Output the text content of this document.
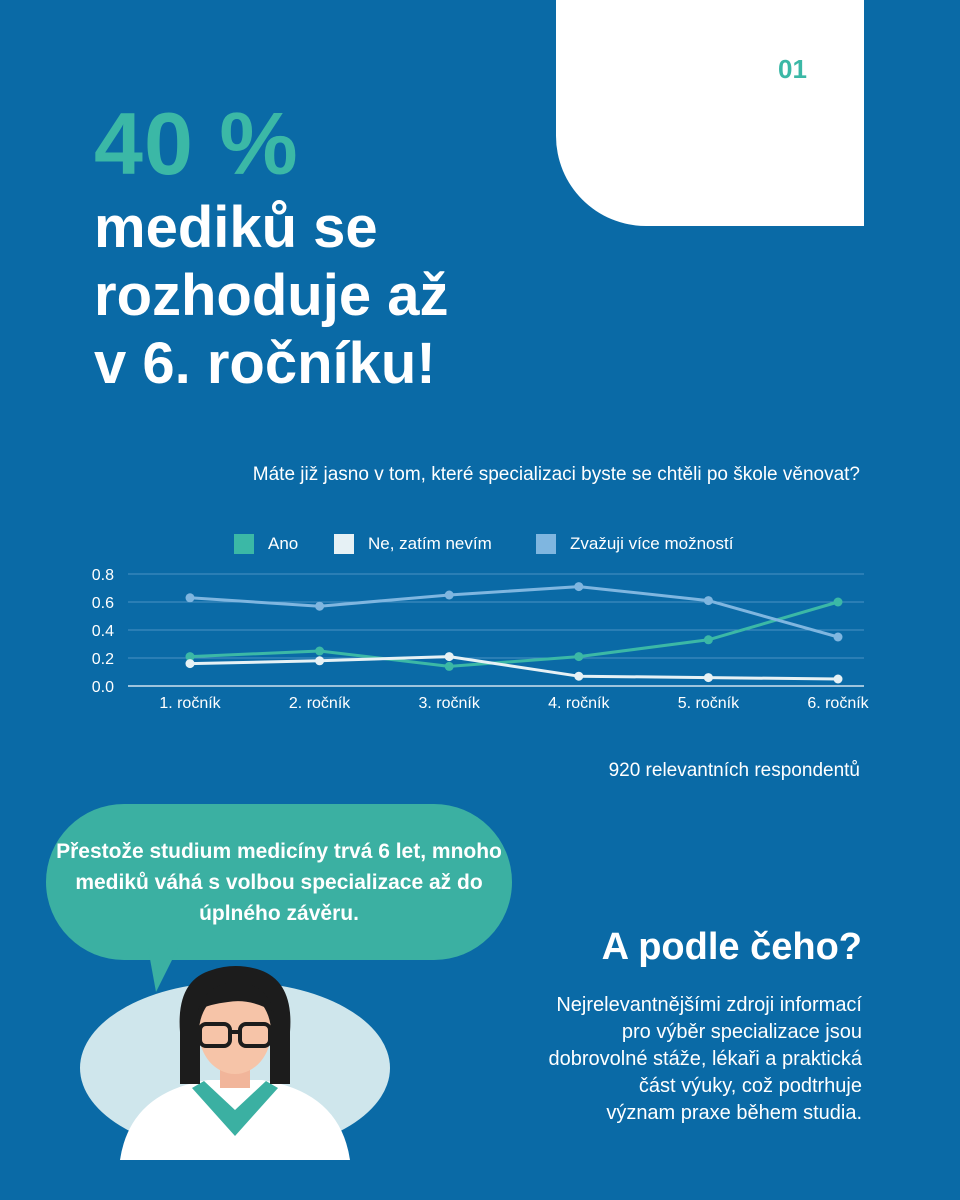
01
40 %
mediků se
rozhoduje až
v 6. ročníku!
Máte již jasno v tom, které specializaci byste se chtěli po škole věnovat?
Ano	Ne, zatím nevím	Zvažuji více možností
0.0
0.2
0.4
0.6
0.8
1. ročník	2. ročník	3. ročník	4. ročník	5. ročník	6. ročník
920 relevantních respondentů
Přestože studium medicíny trvá 6 let, mnoho mediků váhá s volbou specializace až do úplného závěru.
A podle čeho?
Nejrelevantnějšími zdroji informací
pro výběr specializace jsou
dobrovolné stáže, lékaři a praktická
část výuky, což podtrhuje
význam praxe během studia.
